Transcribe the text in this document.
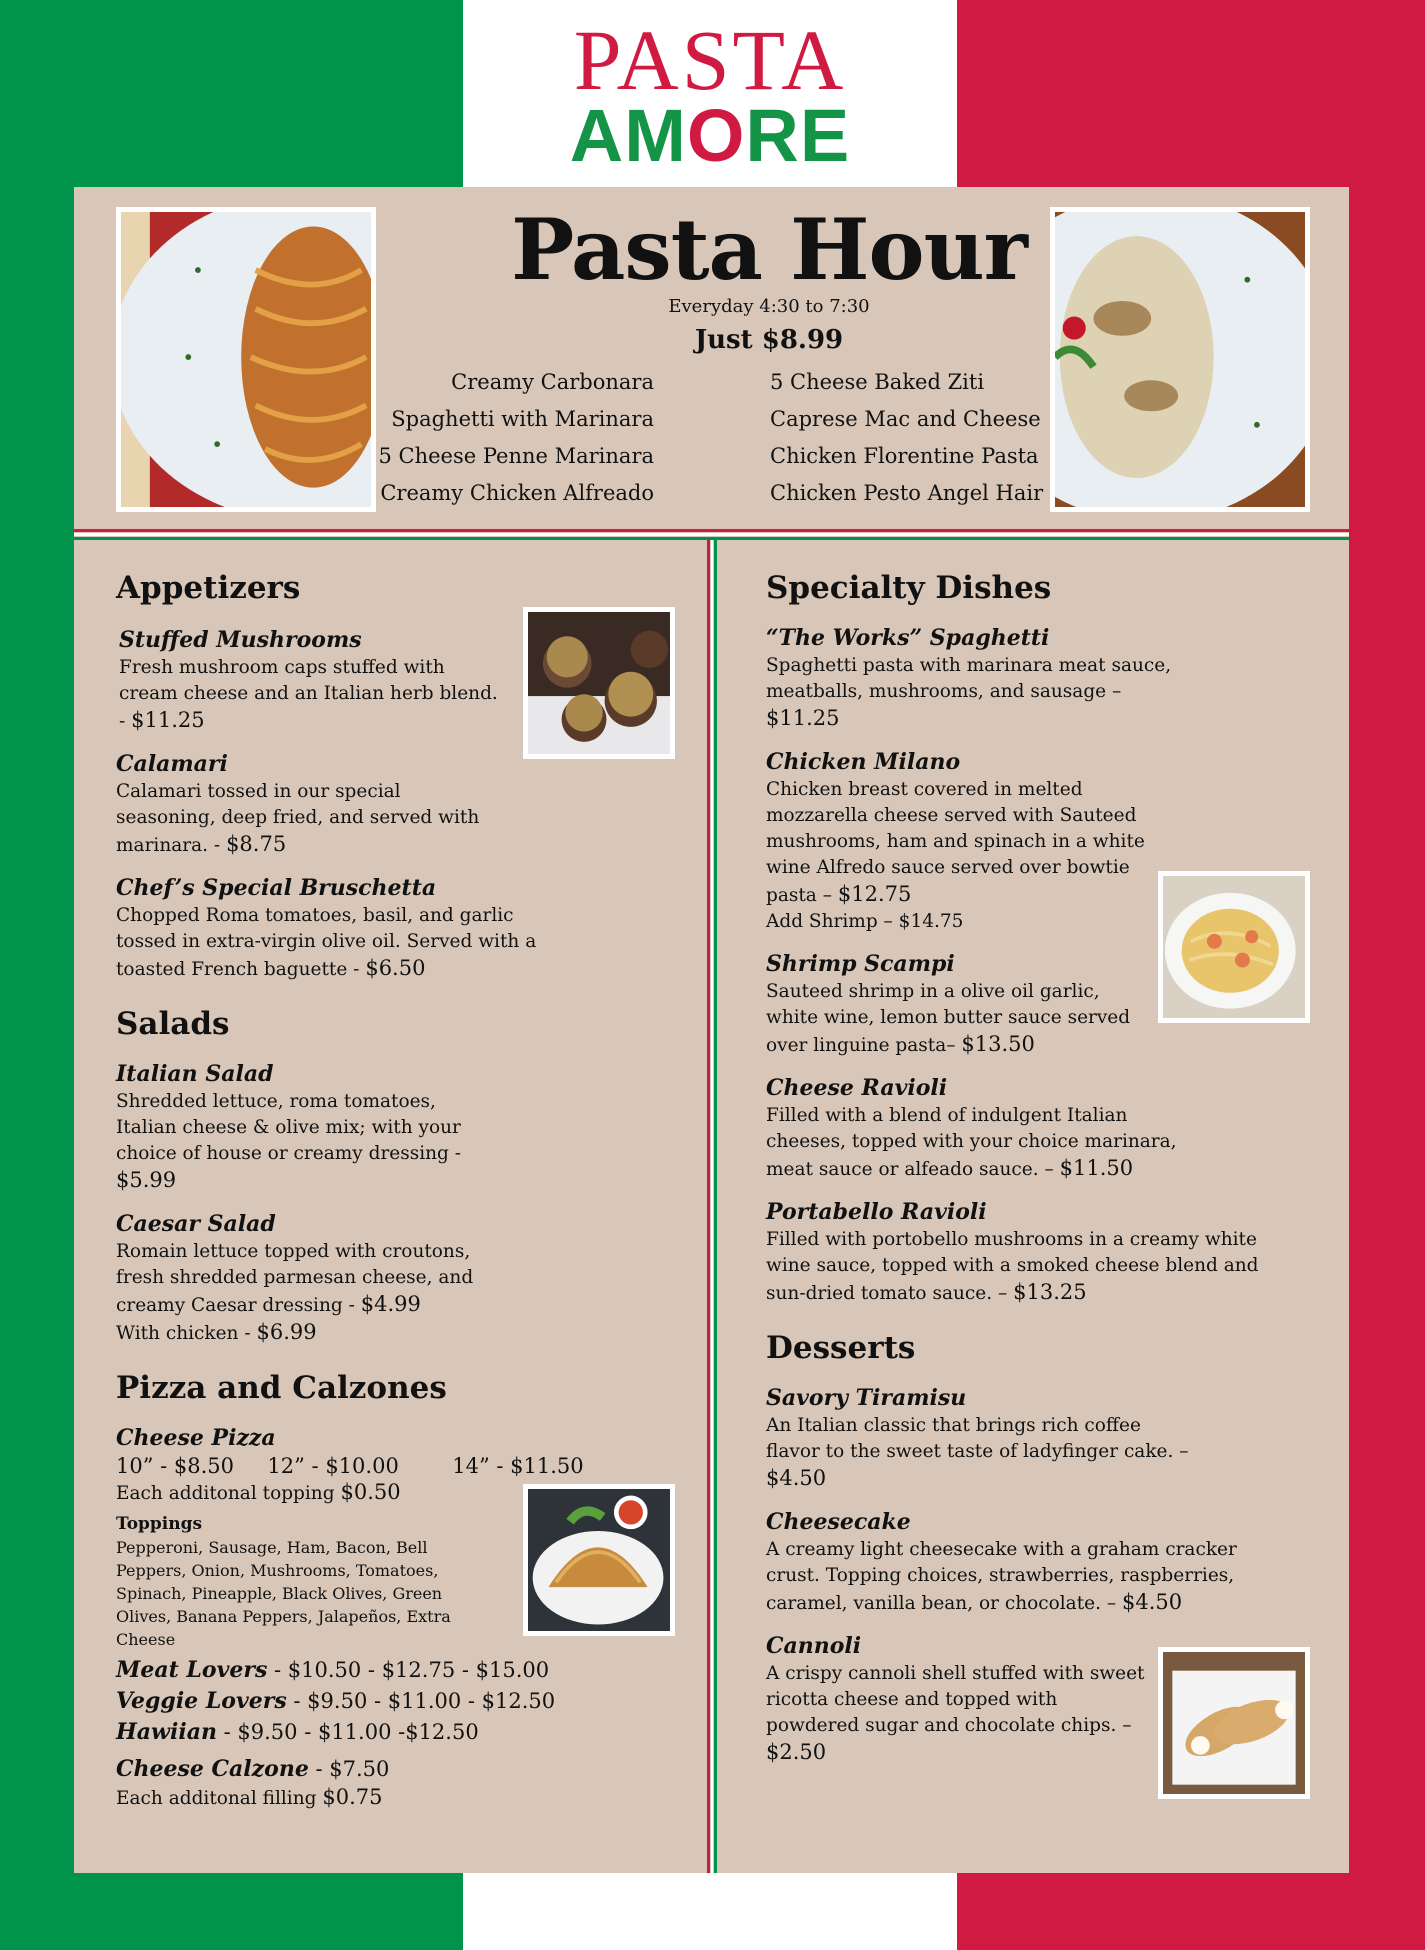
PASTA
AMORE
Pasta Hour
Everyday 4:30 to 7:30
Just $8.99
Creamy Carbonara
Spaghetti with Marinara
5 Cheese Penne Marinara
Creamy Chicken Alfreado
5 Cheese Baked Ziti
Caprese Mac and Cheese
Chicken Florentine Pasta
Chicken Pesto Angel Hair
Appetizers
Stuffed Mushrooms
Fresh mushroom caps stuffed with cream cheese and an Italian herb blend. - $11.25
Calamari
Calamari tossed in our special seasoning, deep fried, and served with marinara. - $8.75
Chef’s Special Bruschetta
Chopped Roma tomatoes, basil, and garlic tossed in extra-virgin olive oil. Served with a toasted French baguette - $6.50
Salads
Italian Salad
Shredded lettuce, roma tomatoes, Italian cheese & olive mix; with your choice of house or creamy dressing - $5.99
Caesar Salad
Romain lettuce topped with croutons, fresh shredded parmesan cheese, and creamy Caesar dressing - $4.99
With chicken - $6.99
Pizza and Calzones
Cheese Pizza
10” - $8.50 12” - $10.00	14” - $11.50
Each additonal topping $0.50
Toppings
Pepperoni, Sausage, Ham, Bacon, Bell Peppers, Onion, Mushrooms, Tomatoes, Spinach, Pineapple, Black Olives, Green Olives, Banana Peppers, Jalapeños, Extra Cheese
Meat Lovers - $10.50 - $12.75 - $15.00
Veggie Lovers - $9.50 - $11.00 - $12.50
Hawiian - $9.50 - $11.00 -$12.50
Cheese Calzone - $7.50
Each additonal filling $0.75
Specialty Dishes
“The Works” Spaghetti
Spaghetti pasta with marinara meat sauce, meatballs, mushrooms, and sausage – $11.25
Chicken Milano
Chicken breast covered in melted mozzarella cheese served with Sauteed mushrooms, ham and spinach in a white wine Alfredo sauce served over bowtie pasta – $12.75
Add Shrimp – $14.75
Shrimp Scampi
Sauteed shrimp in a olive oil garlic, white wine, lemon butter sauce served over linguine pasta– $13.50
Cheese Ravioli
Filled with a blend of indulgent Italian cheeses, topped with your choice marinara, meat sauce or alfeado sauce. – $11.50
Portabello Ravioli
Filled with portobello mushrooms in a creamy white wine sauce, topped with a smoked cheese blend and sun-dried tomato sauce. – $13.25
Desserts
Savory Tiramisu
An Italian classic that brings rich coffee flavor to the sweet taste of ladyfinger cake. – $4.50
Cheesecake
A creamy light cheesecake with a graham cracker crust. Topping choices, strawberries, raspberries, caramel, vanilla bean, or chocolate. – $4.50
Cannoli
A crispy cannoli shell stuffed with sweet ricotta cheese and topped with powdered sugar and chocolate chips. – $2.50
